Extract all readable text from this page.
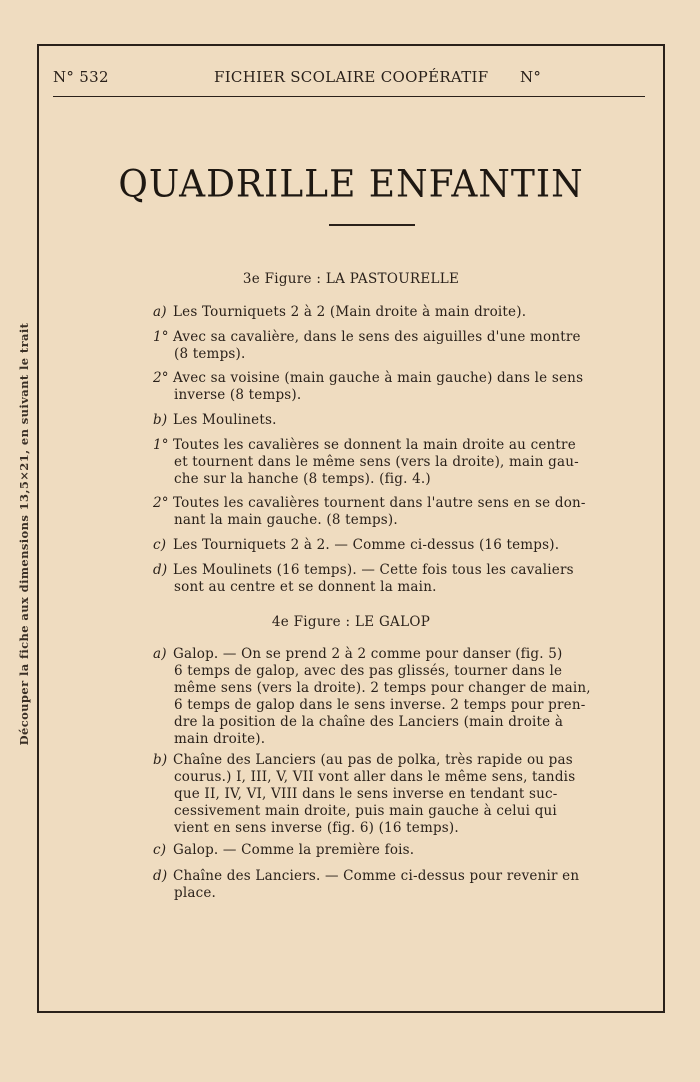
Découper la fiche aux dimensions 13,5×21, en suivant le trait
N° 532	FICHIER SCOLAIRE COOPÉRATIF N°
QUADRILLE ENFANTIN
3e Figure : LA PASTOURELLE
a) Les Tourniquets 2 à 2 (Main droite à main droite).
1° Avec sa cavalière, dans le sens des aiguilles d'une montre
(8 temps).
2° Avec sa voisine (main gauche à main gauche) dans le sens
inverse (8 temps).
b) Les Moulinets.
1° Toutes les cavalières se donnent la main droite au centre
et tournent dans le même sens (vers la droite), main gau-
che sur la hanche (8 temps). (fig. 4.)
2° Toutes les cavalières tournent dans l'autre sens en se don-
nant la main gauche. (8 temps).
c) Les Tourniquets 2 à 2. — Comme ci-dessus (16 temps).
d) Les Moulinets (16 temps). — Cette fois tous les cavaliers
sont au centre et se donnent la main.
4e Figure : LE GALOP
a) Galop. — On se prend 2 à 2 comme pour danser (fig. 5)
6 temps de galop, avec des pas glissés, tourner dans le
même sens (vers la droite). 2 temps pour changer de main,
6 temps de galop dans le sens inverse. 2 temps pour pren-
dre la position de la chaîne des Lanciers (main droite à
main droite).
b) Chaîne des Lanciers (au pas de polka, très rapide ou pas
courus.) I, III, V, VII vont aller dans le même sens, tandis
que II, IV, VI, VIII dans le sens inverse en tendant suc-
cessivement main droite, puis main gauche à celui qui
vient en sens inverse (fig. 6) (16 temps).
c) Galop. — Comme la première fois.
d) Chaîne des Lanciers. — Comme ci-dessus pour revenir en
place.
